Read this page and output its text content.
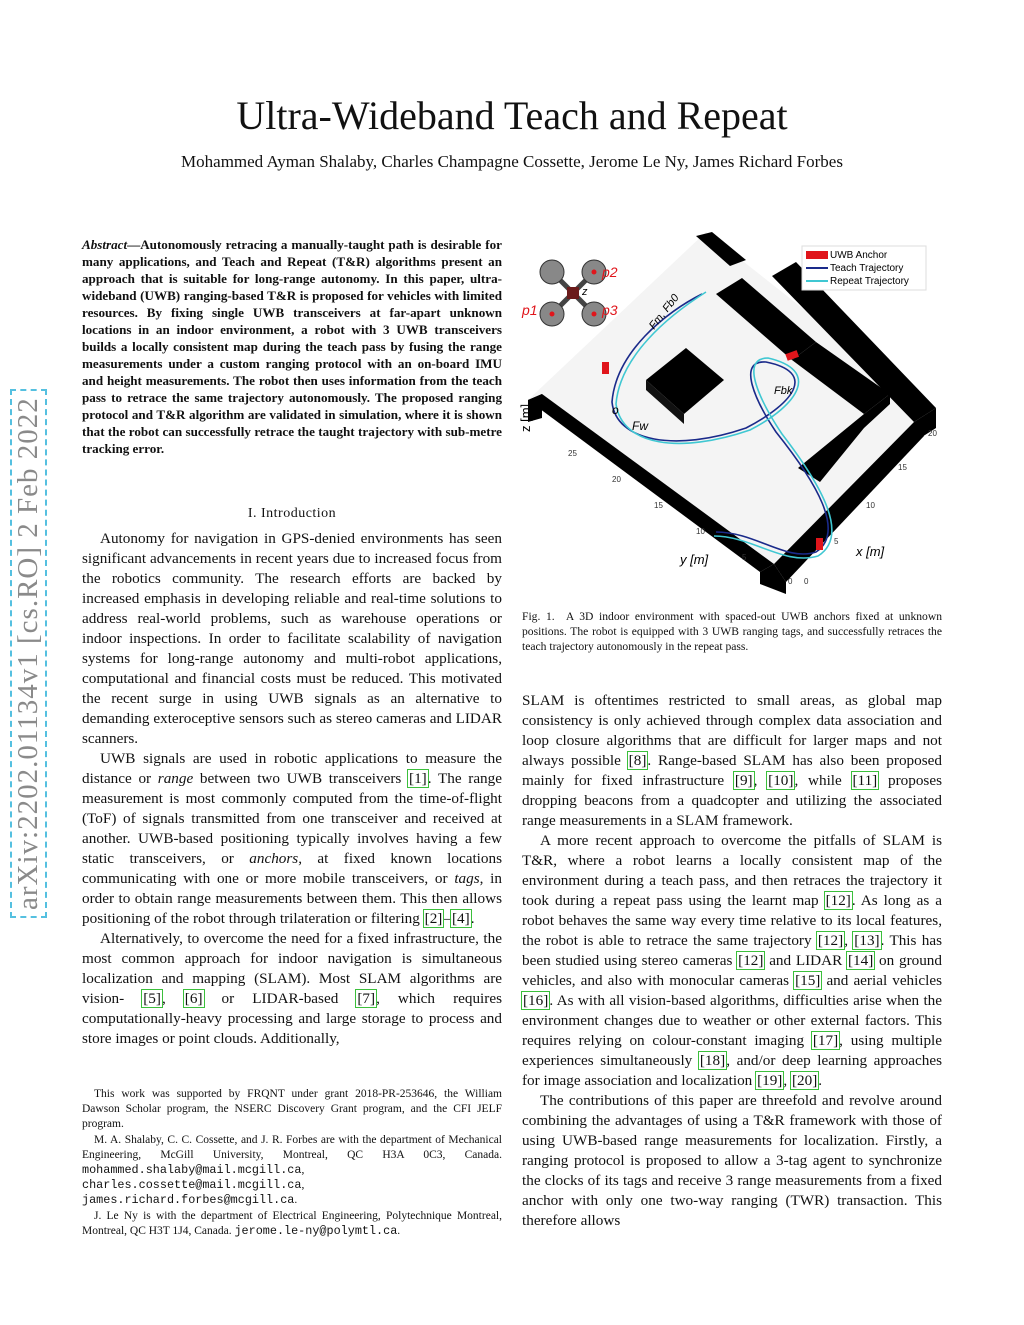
Ultra-Wideband Teach and Repeat
Mohammed Ayman Shalaby, Charles Champagne Cossette, Jerome Le Ny, James Richard Forbes
arXiv:2202.01134v1 [cs.RO] 2 Feb 2022
Abstract—Autonomously retracing a manually-taught path is desirable for many applications, and Teach and Repeat (T&R) algorithms present an approach that is suitable for long-range autonomy. In this paper, ultra-wideband (UWB) ranging-based T&R is proposed for vehicles with limited resources. By fixing single UWB transceivers at far-apart unknown locations in an indoor environment, a robot with 3 UWB transceivers builds a locally consistent map during the teach pass by fusing the range measurements under a custom ranging protocol with an on-board IMU and height measurements. The robot then uses information from the teach pass to retrace the same trajectory autonomously. The proposed ranging protocol and T&R algorithm are validated in simulation, where it is shown that the robot can successfully retrace the taught trajectory with sub-metre tracking error.
I. Introduction

Autonomy for navigation in GPS-denied environments has seen significant advancements in recent years due to increased focus from the robotics community. The research efforts are backed by increased emphasis in developing reliable and real-time solutions to address real-world problems, such as warehouse operations or indoor inspections. In order to facilitate scalability of navigation systems for long-range autonomy and multi-robot applications, computational and financial costs must be reduced. This motivated the recent surge in using UWB signals as an alternative to demanding exteroceptive sensors such as stereo cameras and LIDAR scanners.

UWB signals are used in robotic applications to measure the distance or range between two UWB transceivers [1]. The range measurement is most commonly computed from the time-of-flight (ToF) of signals transmitted from one transceiver and received at another. UWB-based positioning typically involves having a few static transceivers, or anchors, at fixed known locations communicating with one or more mobile transceivers, or tags, in order to obtain range measurements between them. This then allows positioning of the robot through trilateration or filtering [2]–[4].

Alternatively, to overcome the need for a fixed infrastructure, the most common approach for indoor navigation is simultaneous localization and mapping (SLAM). Most SLAM algorithms are vision- [5], [6] or LIDAR-based [7], which requires computationally-heavy processing and large storage to process and store images or point clouds. Additionally,

This work was supported by FRQNT under grant 2018-PR-253646, the William Dawson Scholar program, the NSERC Discovery Grant program, and the CFI JELF program.

M. A. Shalaby, C. C. Cossette, and J. R. Forbes are with the department of Mechanical Engineering, McGill University, Montreal, QC H3A 0C3, Canada. mohammed.shalaby@mail.mcgill.ca, charles.cossette@mail.mcgill.ca, james.richard.forbes@mcgill.ca.

J. Le Ny is with the department of Electrical Engineering, Polytechnique Montreal, Montreal, QC H3T 1J4, Canada. jerome.le-ny@polymtl.ca.

p2
p3
p1
z
o
Fw
Fbk
Fm, Fb0
UWB Anchor
Teach Trajectory
Repeat Trajectory
z [m]
y [m]
x [m]
25
20
15
10
5
0
20
15
10
5
0
Fig. 1. A 3D indoor environment with spaced-out UWB anchors fixed at unknown positions. The robot is equipped with 3 UWB ranging tags, and successfully retraces the teach trajectory autonomously in the repeat pass.

SLAM is oftentimes restricted to small areas, as global map consistency is only achieved through complex data association and loop closure algorithms that are difficult for larger maps and not always possible [8]. Range-based SLAM has also been proposed mainly for fixed infrastructure [9], [10], while [11] proposes dropping beacons from a quadcopter and utilizing the associated range measurements in a SLAM framework.

A more recent approach to overcome the pitfalls of SLAM is T&R, where a robot learns a locally consistent map of the environment during a teach pass, and then retraces the trajectory it took during a repeat pass using the learnt map [12]. As long as a robot behaves the same way every time relative to its local features, the robot is able to retrace the same trajectory [12], [13]. This has been studied using stereo cameras [12] and LIDAR [14] on ground vehicles, and also with monocular cameras [15] and aerial vehicles [16]. As with all vision-based algorithms, difficulties arise when the environment changes due to weather or other external factors. This requires relying on colour-constant imaging [17], using multiple experiences simultaneously [18], and/or deep learning approaches for image association and localization [19], [20].

The contributions of this paper are threefold and revolve around combining the advantages of using a T&R framework with those of using UWB-based range measurements for localization. Firstly, a ranging protocol is proposed to allow a 3-tag agent to synchronize the clocks of its tags and receive 3 range measurements from a fixed anchor with only one two-way ranging (TWR) transaction. This therefore allows
